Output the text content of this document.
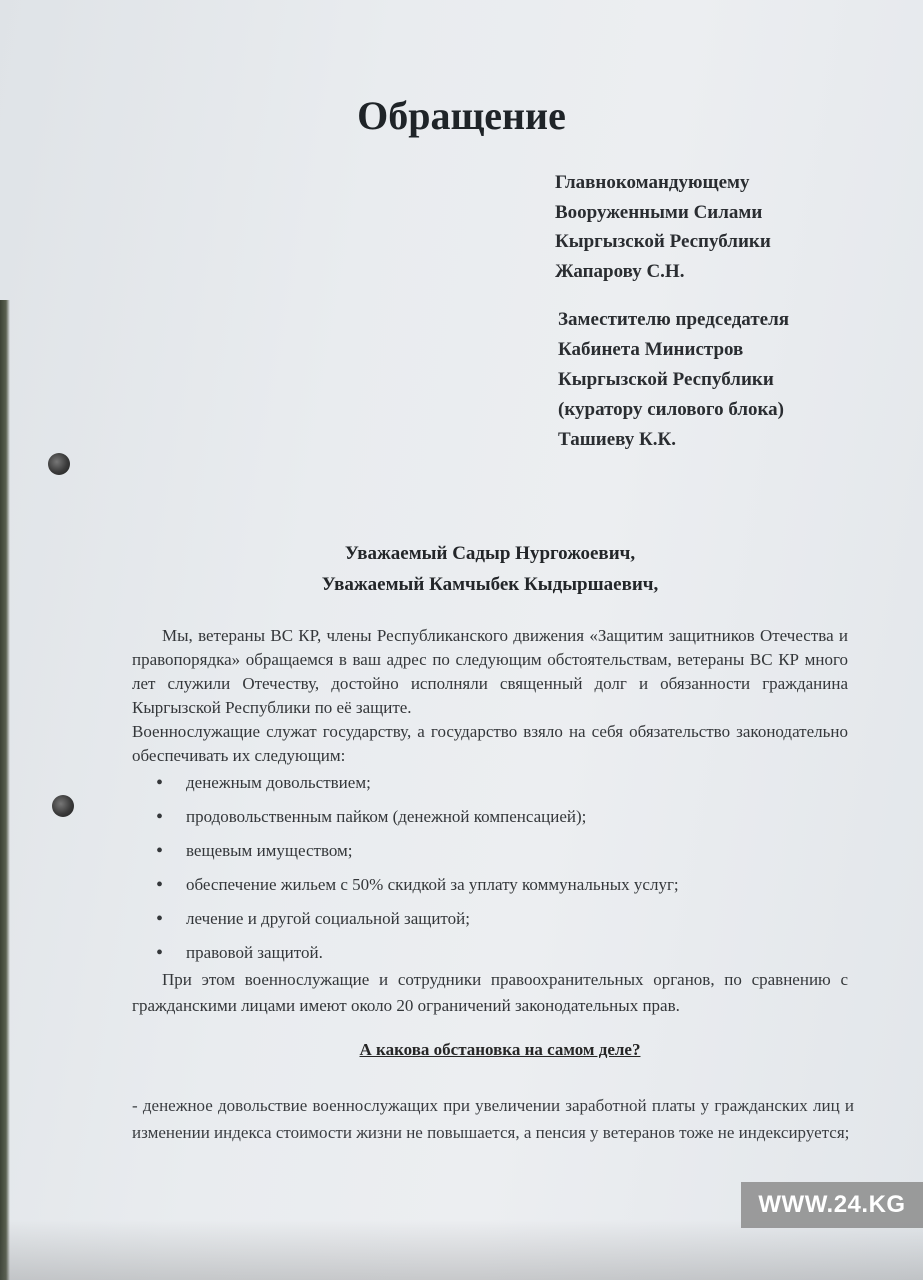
Обращение
Главнокомандующему
Вооруженными Силами
Кыргызской Республики
Жапарову С.Н.
Заместителю председателя
Кабинета Министров
Кыргызской Республики
(куратору силового блока)
Ташиеву К.К.
Уважаемый Садыр Нургожоевич,
Уважаемый Камчыбек Кыдыршаевич,

Мы, ветераны ВС КР, члены Республиканского движения «Защитим защитников Отечества и правопорядка» обращаемся в ваш адрес по следующим обстоятельствам, ветераны ВС КР много лет служили Отечеству, достойно исполняли священный долг и обязанности гражданина Кыргызской Республики по её защите.

Военнослужащие служат государству, а государство взяло на себя обязательство законодательно обеспечивать их следующим:

• денежным довольствием;
• продовольственным пайком (денежной компенсацией);
• вещевым имуществом;
• обеспечение жильем с 50% скидкой за уплату коммунальных услуг;
• лечение и другой социальной защитой;
• правовой защитой.

При этом военнослужащие и сотрудники правоохранительных органов, по сравнению с гражданскими лицами имеют около 20 ограничений законодательных прав.

А какова обстановка на самом деле?
- денежное довольствие военнослужащих при увеличении заработной платы у гражданских лиц и изменении индекса стоимости жизни не повышается, а пенсия у ветеранов тоже не индексируется;
WWW.24.KG
